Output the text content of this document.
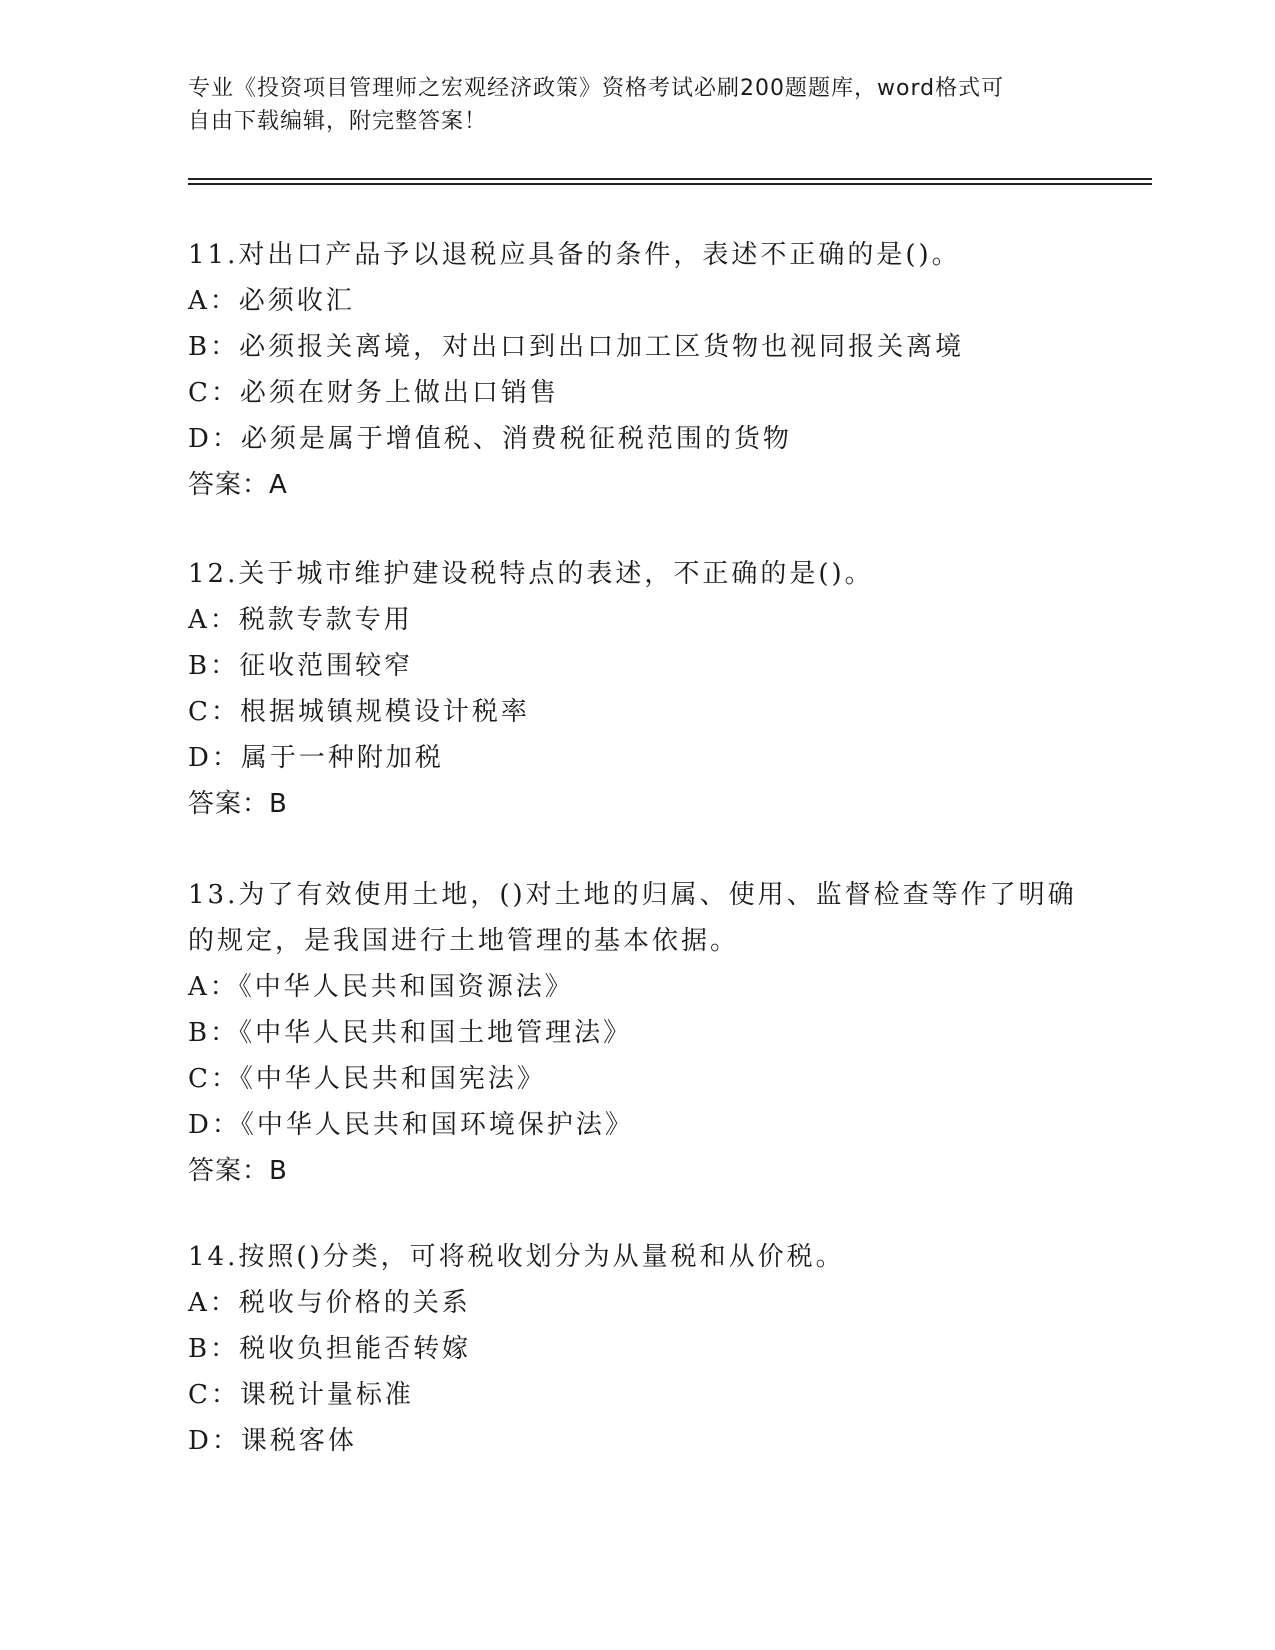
专业《投资项目管理师之宏观经济政策》资格考试必刷200题题库，word格式可
自由下载编辑，附完整答案！

11.对出口产品予以退税应具备的条件，表述不正确的是()。

A：必须收汇

B：必须报关离境，对出口到出口加工区货物也视同报关离境

C：必须在财务上做出口销售

D：必须是属于增值税、消费税征税范围的货物

答案：A

12.关于城市维护建设税特点的表述，不正确的是()。

A：税款专款专用

B：征收范围较窄

C：根据城镇规模设计税率

D：属于一种附加税

答案：B

13.为了有效使用土地，()对土地的归属、使用、监督检查等作了明确

的规定，是我国进行土地管理的基本依据。

A：《中华人民共和国资源法》

B：《中华人民共和国土地管理法》

C：《中华人民共和国宪法》

D：《中华人民共和国环境保护法》

答案：B

14.按照()分类，可将税收划分为从量税和从价税。

A：税收与价格的关系

B：税收负担能否转嫁

C：课税计量标准

D：课税客体
